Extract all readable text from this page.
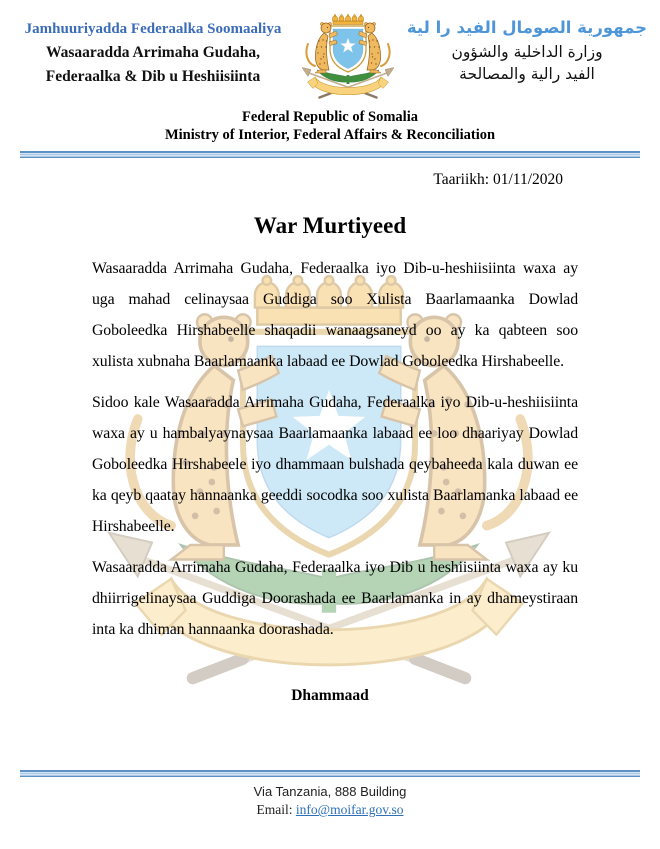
Jamhuuriyadda Federaalka Soomaaliya
Wasaaradda Arrimaha Gudaha,
Federaalka & Dib u Heshiisiinta
جمهورية الصومال الفيد را لية
وزارة الداخلية والشؤون
الفيد رالية والمصالحة
Federal Republic of Somalia
Ministry of Interior, Federal Affairs & Reconciliation
Taariikh: 01/11/2020
War Murtiyeed

Wasaaradda Arrimaha Gudaha, Federaalka iyo Dib-u-heshiisiinta waxa ay uga mahad celinaysaa Guddiga soo Xulista Baarlamaanka Dowlad Goboleedka Hirshabeelle shaqadii wanaagsaneyd oo ay ka qabteen soo xulista xubnaha Baarlamaanka labaad ee Dowlad Goboleedka Hirshabeelle.

Sidoo kale Wasaaradda Arrimaha Gudaha, Federaalka iyo Dib-u-heshiisiinta waxa ay u hambalyaynaysaa Baarlamaanka labaad ee loo dhaariyay Dowlad Goboleedka Hirshabeele iyo dhammaan bulshada qeybaheeda kala duwan ee ka qeyb qaatay hannaanka geeddi socodka soo xulista Baarlamanka labaad ee Hirshabeelle.

Wasaaradda Arrimaha Gudaha, Federaalka iyo Dib u heshiisiinta waxa ay ku dhiirrigelinaysaa Guddiga Doorashada ee Baarlamanka in ay dhameystiraan inta ka dhiman hannaanka doorashada.

Dhammaad
Via Tanzania, 888 Building
Email: info@moifar.gov.so
